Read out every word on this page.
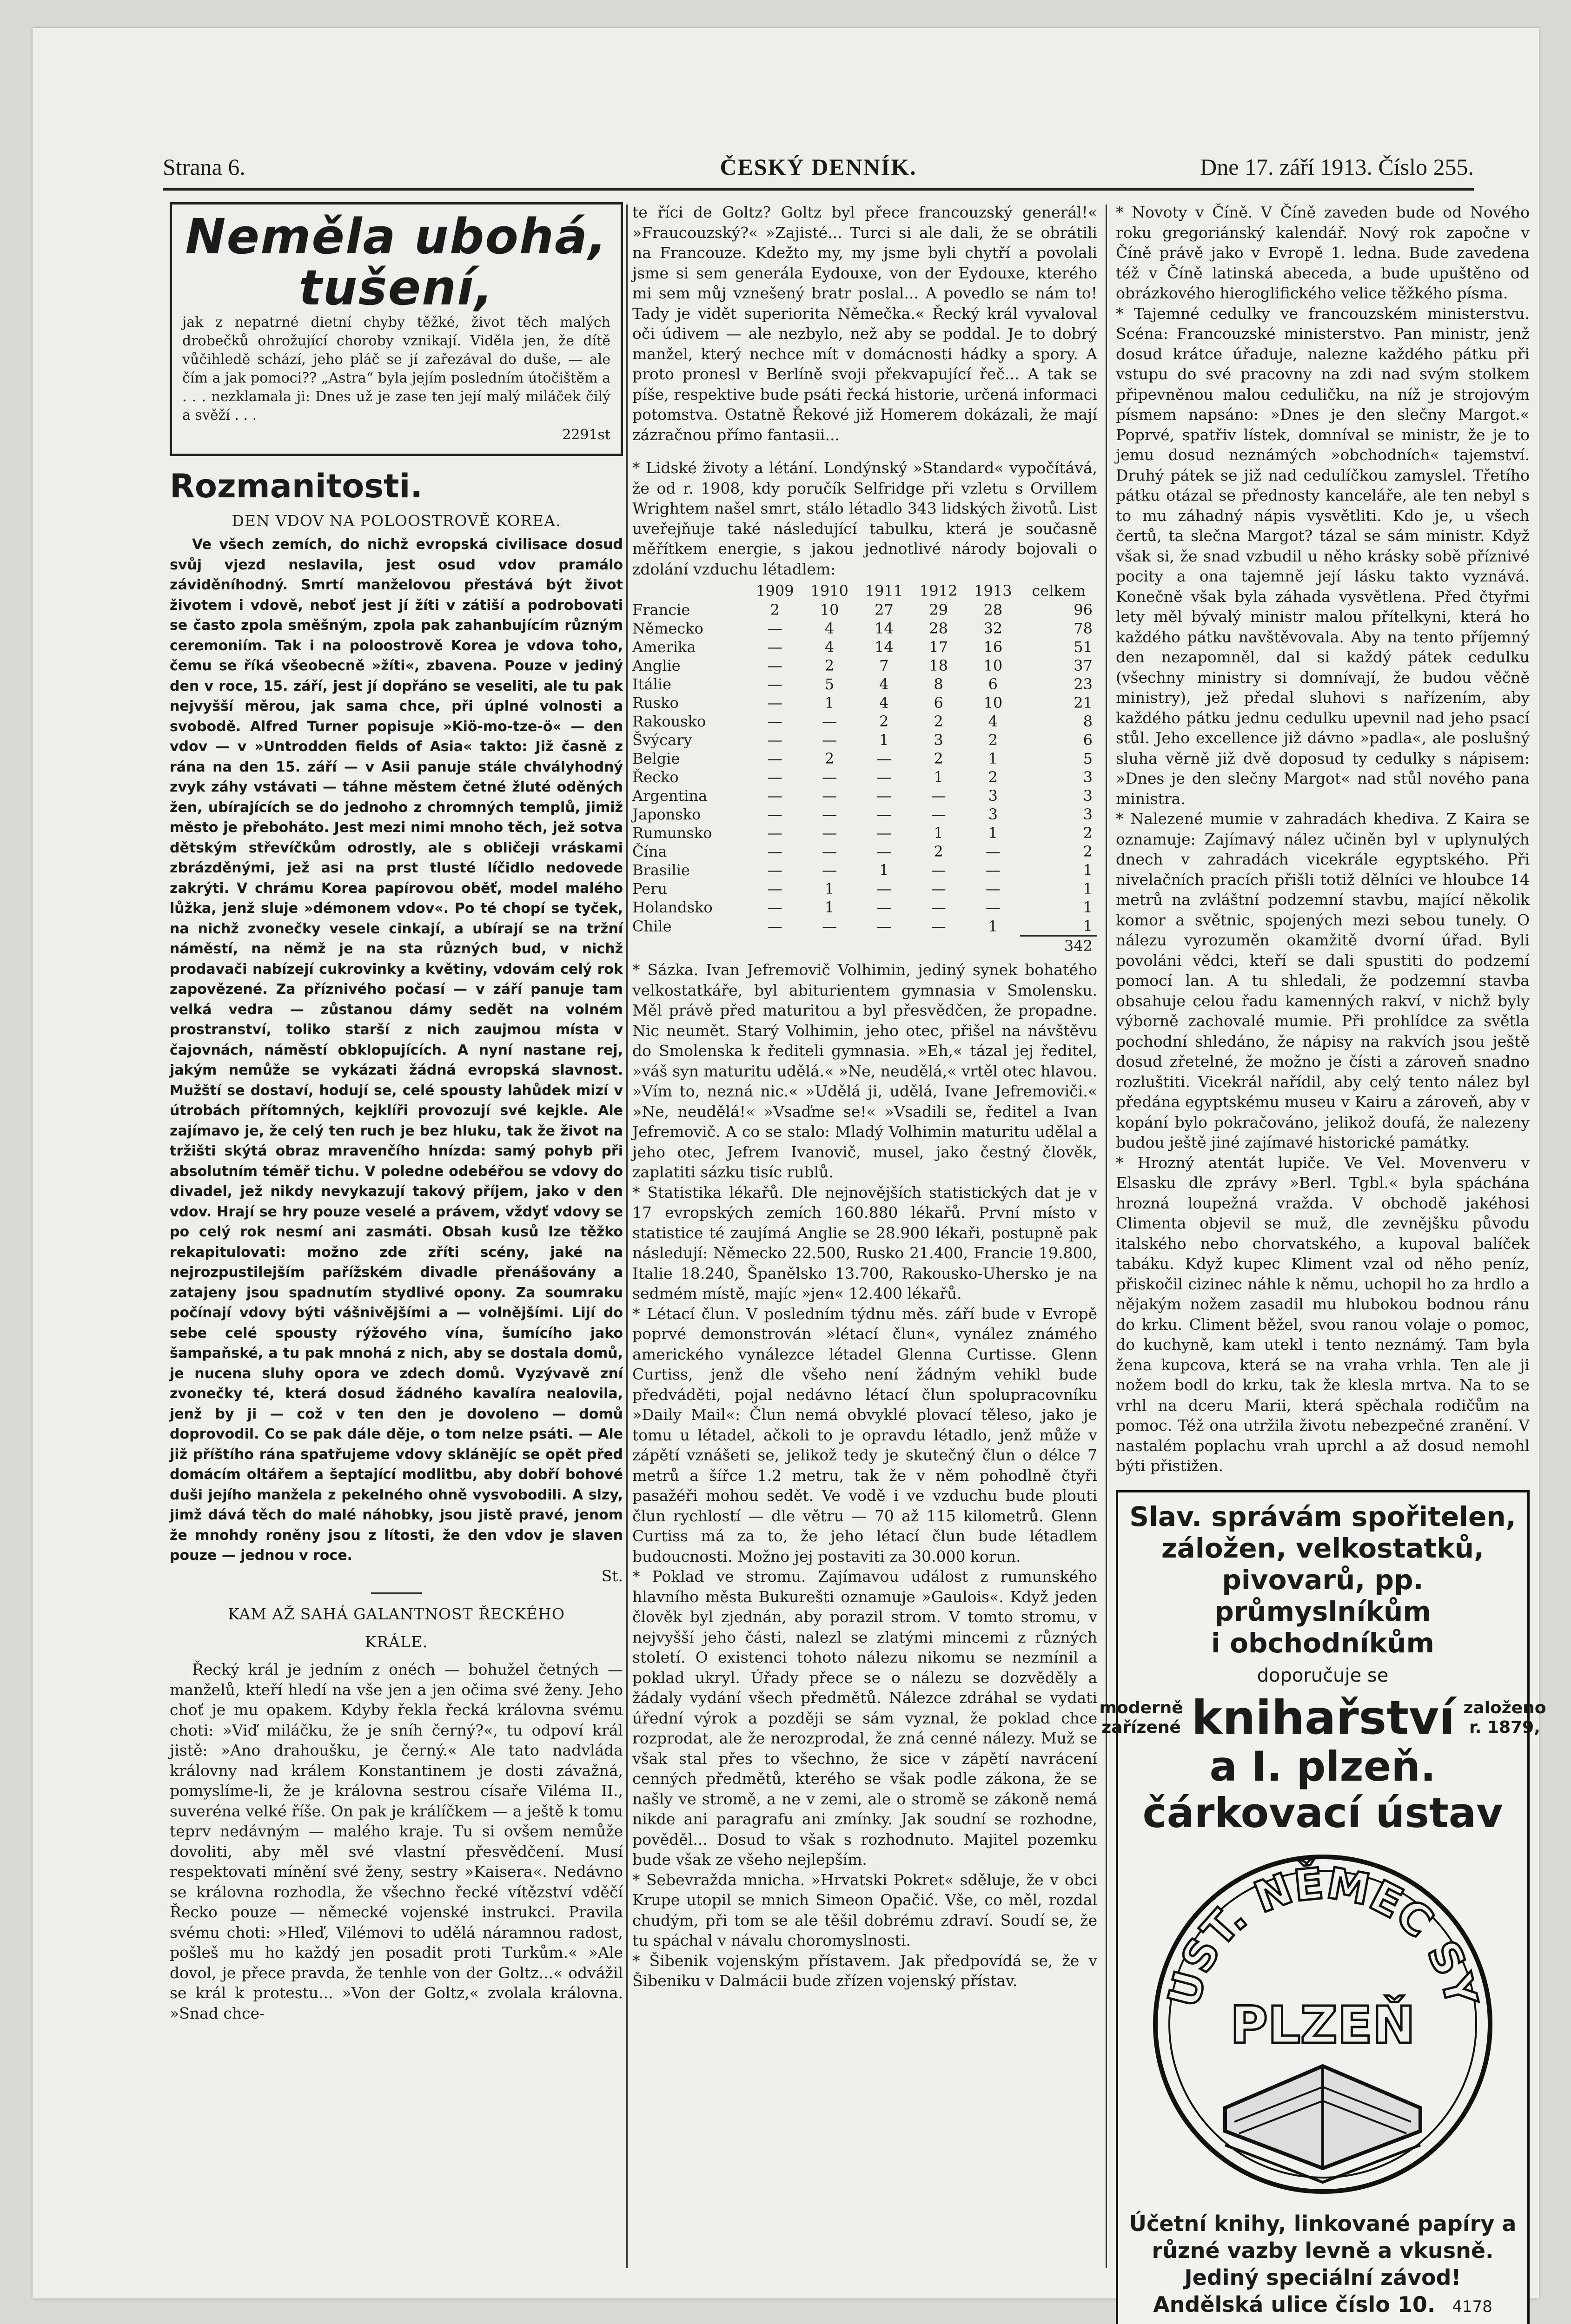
Strana 6.	ČESKÝ DENNÍK.	Dne 17. září 1913. Číslo 255.
Neměla ubohá,
tušení,
jak z nepatrné dietní chyby těžké, život těch malých drobečků ohrožující choroby vznikají. Viděla jen, že dítě vůčihledě schází, jeho pláč se jí zařezával do duše, — ale čím a jak pomoci?? „Astra“ byla jejím posledním útočištěm a . . . nezklamala ji: Dnes už je zase ten její malý miláček čilý a svěží . . .
2291st
Rozmanitosti.

DEN VDOV NA POLOOSTROVĚ KOREA.

Ve všech zemích, do nichž evropská civilisace dosud svůj vjezd neslavila, jest osud vdov pramálo záviděníhodný. Smrtí manželovou přestává být život životem i vdově, neboť jest jí žíti v zátiší a podrobovati se často zpola směšným, zpola pak zahanbujícím různým ceremoniím. Tak i na poloostrově Korea je vdova toho, čemu se říká všeobecně »žíti«, zbavena. Pouze v jediný den v roce, 15. září, jest jí dopřáno se veseliti, ale tu pak nejvyšší měrou, jak sama chce, při úplné volnosti a svobodě. Alfred Turner popisuje »Kiö-mo-tze-ö« — den vdov — v »Untrodden fields of Asia« takto: Již časně z rána na den 15. září — v Asii panuje stále chvályhodný zvyk záhy vstávati — táhne městem četné žluté oděných žen, ubírajících se do jednoho z chromných templů, jimiž město je přeboháto. Jest mezi nimi mnoho těch, jež sotva dětským střevíčkům odrostly, ale s obličeji vráskami zbrázděnými, jež asi na prst tlusté líčidlo nedovede zakrýti. V chrámu Korea papírovou oběť, model malého lůžka, jenž sluje »démonem vdov«. Po té chopí se tyček, na nichž zvonečky vesele cinkají, a ubírají se na tržní náměstí, na němž je na sta různých bud, v nichž prodavači nabízejí cukrovinky a květiny, vdovám celý rok zapovězené. Za příznivého počasí — v září panuje tam velká vedra — zůstanou dámy sedět na volném prostranství, toliko starší z nich zaujmou místa v čajovnách, náměstí obklopujících. A nyní nastane rej, jakým nemůže se vykázati žádná evropská slavnost. Mužští se dostaví, hodují se, celé spousty lahůdek mizí v útrobách přítomných, kejklíři provozují své kejkle. Ale zajímavo je, že celý ten ruch je bez hluku, tak že život na tržišti skýtá obraz mravenčího hnízda: samý pohyb při absolutním téměř tichu. V poledne odebéřou se vdovy do divadel, jež nikdy nevykazují takový příjem, jako v den vdov. Hrají se hry pouze veselé a právem, vždyť vdovy se po celý rok nesmí ani zasmáti. Obsah kusů lze těžko rekapitulovati: možno zde zříti scény, jaké na nejrozpustilejším pařížském divadle přenášovány a zatajeny jsou spadnutím stydlivé opony. Za soumraku počínají vdovy býti vášnivějšími a — volnějšími. Lijí do sebe celé spousty rýžového vína, šumícího jako šampaňské, a tu pak mnohá z nich, aby se dostala domů, je nucena sluhy opora ve zdech domů. Vyzývavě zní zvonečky té, která dosud žádného kavalíra nealovila, jenž by ji — což v ten den je dovoleno — domů doprovodil. Co se pak dále děje, o tom nelze psáti. — Ale již příštího rána spatřujeme vdovy sklánějíc se opět před domácím oltářem a šeptající modlitbu, aby dobří bohové duši jejího manžela z pekelného ohně vysvobodili. A slzy, jimž dává těch do malé náhobky, jsou jistě pravé, jenom že mnohdy roněny jsou z lítosti, že den vdov je slaven pouze — jednou v roce.

St.

KAM AŽ SAHÁ GALANTNOST ŘECKÉHO

KRÁLE.

Řecký král je jedním z onéch — bohužel četných — manželů, kteří hledí na vše jen a jen očima své ženy. Jeho choť je mu opakem. Kdyby řekla řecká královna svému choti: »Viď miláčku, že je sníh černý?«, tu odpoví král jistě: »Ano drahoušku, je černý.« Ale tato nadvláda královny nad králem Konstantinem je dosti závažná, pomyslíme-li, že je královna sestrou císaře Viléma II., suveréna velké říše. On pak je králíčkem — a ještě k tomu teprv nedávným — malého kraje. Tu si ovšem nemůže dovoliti, aby měl své vlastní přesvědčení. Musí respektovati mínění své ženy, sestry »Kaisera«. Nedávno se královna rozhodla, že všechno řecké vítězství vděčí Řecko pouze — německé vojenské instrukci. Pravila svému choti: »Hleď, Vilémovi to udělá náramnou radost, pošleš mu ho každý jen posadit proti Turkům.« »Ale dovol, je přece pravda, že tenhle von der Goltz...« odvážil se král k protestu... »Von der Goltz,« zvolala královna. »Snad chce-

te říci de Goltz? Goltz byl přece francouzský generál!« »Fraucouzský?« »Zajisté... Turci si ale dali, že se obrátili na Francouze. Kdežto my, my jsme byli chytří a povolali jsme si sem generála Eydouxe, von der Eydouxe, kterého mi sem můj vznešený bratr poslal... A povedlo se nám to! Tady je vidět superiorita Němečka.« Řecký král vyvaloval oči údivem — ale nezbylo, než aby se poddal. Je to dobrý manžel, který nechce mít v domácnosti hádky a spory. A proto pronesl v Berlíně svoji překvapující řeč... A tak se píše, respektive bude psáti řecká historie, určená informaci potomstva. Ostatně Řekové již Homerem dokázali, že mají zázračnou přímo fantasii...

* Lidské životy a létání. Londýnský »Standard« vypočítává, že od r. 1908, kdy poručík Selfridge při vzletu s Orvillem Wrightem našel smrt, stálo létadlo 343 lidských životů. List uveřejňuje také následující tabulku, která je současně měřítkem energie, s jakou jednotlivé národy bojovali o zdolání vzduchu létadlem:

	1909	1910	1911	1912	1913	celkem
Francie	2	10	27	29	28	96
Německo	—	4	14	28	32	78
Amerika	—	4	14	17	16	51
Anglie	—	2	7	18	10	37
Itálie	—	5	4	8	6	23
Rusko	—	1	4	6	10	21
Rakousko	—	—	2	2	4	8
Švýcary	—	—	1	3	2	6
Belgie	—	2	—	2	1	5
Řecko	—	—	—	1	2	3
Argentina	—	—	—	—	3	3
Japonsko	—	—	—	—	3	3
Rumunsko	—	—	—	1	1	2
Čína	—	—	—	2	—	2
Brasilie	—	—	1	—	—	1
Peru	—	1	—	—	—	1
Holandsko	—	1	—	—	—	1
Chile	—	—	—	—	1	1
						342

* Sázka. Ivan Jefremovič Volhimin, jediný synek bohatého velkostatkáře, byl abiturientem gymnasia v Smolensku. Měl právě před maturitou a byl přesvědčen, že propadne. Nic neumět. Starý Volhimin, jeho otec, přišel na návštěvu do Smolenska k řediteli gymnasia. »Eh,« tázal jej ředitel, »váš syn maturitu udělá.« »Ne, neudělá,« vrtěl otec hlavou. »Vím to, nezná nic.« »Udělá ji, udělá, Ivane Jefremoviči.« »Ne, neudělá!« »Vsaďme se!« »Vsadili se, ředitel a Ivan Jefremovič. A co se stalo: Mladý Volhimin maturitu udělal a jeho otec, Jefrem Ivanovič, musel, jako čestný člověk, zaplatiti sázku tisíc rublů.

* Statistika lékařů. Dle nejnovějších statistických dat je v 17 evropských zemích 160.880 lékařů. První místo v statistice té zaujímá Anglie se 28.900 lékaři, postupně pak následují: Německo 22.500, Rusko 21.400, Francie 19.800, Italie 18.240, Španělsko 13.700, Rakousko-Uhersko je na sedmém místě, majíc »jen« 12.400 lékařů.

* Létací člun. V posledním týdnu měs. září bude v Evropě poprvé demonstrován »létací člun«, vynález známého amerického vynálezce létadel Glenna Curtisse. Glenn Curtiss, jenž dle všeho není žádným vehikl bude předváděti, pojal nedávno létací člun spolupracovníku »Daily Mail«: Člun nemá obvyklé plovací těleso, jako je tomu u létadel, ačkoli to je opravdu létadlo, jenž může v zápětí vznášeti se, jelikož tedy je skutečný člun o délce 7 metrů a šířce 1.2 metru, tak že v něm pohodlně čtyři pasažéři mohou sedět. Ve vodě i ve vzduchu bude plouti člun rychlostí — dle větru — 70 až 115 kilometrů. Glenn Curtiss má za to, že jeho létací člun bude létadlem budoucnosti. Možno jej postaviti za 30.000 korun.

* Poklad ve stromu. Zajímavou událost z rumunského hlavního města Bukurešti oznamuje »Gaulois«. Když jeden člověk byl zjednán, aby porazil strom. V tomto stromu, v nejvyšší jeho části, nalezl se zlatými mincemi z různých století. O existenci tohoto nálezu nikomu se nezmínil a poklad ukryl. Úřady přece se o nálezu se dozvěděly a žádaly vydání všech předmětů. Nálezce zdráhal se vydati úřední výrok a později se sám vyznal, že poklad chce rozprodat, ale že nerozprodal, že zná cenné nálezy. Muž se však stal přes to všechno, že sice v zápětí navrácení cenných předmětů, kterého se však podle zákona, že se našly ve stromě, a ne v zemi, ale o stromě se zákoně nemá nikde ani paragrafu ani zmínky. Jak soudní se rozhodne, pověděl... Dosud to však s rozhodnuto. Majitel pozemku bude však ze všeho nejlepším.

* Sebevražda mnicha. »Hrvatski Pokret« sděluje, že v obci Krupe utopil se mnich Simeon Opačić. Vše, co měl, rozdal chudým, při tom se ale těšil dobrému zdraví. Soudí se, že tu spáchal v návalu choromyslnosti.

* Šibenik vojenským přístavem. Jak předpovídá se, že v Šibeniku v Dalmácii bude zřízen vojenský přístav.

* Novoty v Číně. V Číně zaveden bude od Nového roku gregoriánský kalendář. Nový rok započne v Číně právě jako v Evropě 1. ledna. Bude zavedena též v Číně latinská abeceda, a bude upuštěno od obrázkového hieroglifického velice těžkého písma.

* Tajemné cedulky ve francouzském ministerstvu. Scéna: Francouzské ministerstvo. Pan ministr, jenž dosud krátce úřaduje, nalezne každého pátku při vstupu do své pracovny na zdi nad svým stolkem připevněnou malou ceduličku, na níž je strojovým písmem napsáno: »Dnes je den slečny Margot.« Poprvé, spatřiv lístek, domníval se ministr, že je to jemu dosud neznámých »obchodních« tajemství. Druhý pátek se již nad cedulíčkou zamyslel. Třetího pátku otázal se přednosty kanceláře, ale ten nebyl s to mu záhadný nápis vysvětliti. Kdo je, u všech čertů, ta slečna Margot? tázal se sám ministr. Když však si, že snad vzbudil u něho krásky sobě příznivé pocity a ona tajemně její lásku takto vyznává. Konečně však byla záhada vysvětlena. Před čtyřmi lety měl bývalý ministr malou přítelkyni, která ho každého pátku navštěvovala. Aby na tento příjemný den nezapomněl, dal si každý pátek cedulku (všechny ministry si domnívají, že budou věčně ministry), jež předal sluhovi s nařízením, aby každého pátku jednu cedulku upevnil nad jeho psací stůl. Jeho excellence již dávno »padla«, ale poslušný sluha věrně již dvě doposud ty cedulky s nápisem: »Dnes je den slečny Margot« nad stůl nového pana ministra.

* Nalezené mumie v zahradách khediva. Z Kaira se oznamuje: Zajímavý nález učiněn byl v uplynulých dnech v zahradách vicekrále egyptského. Při nivelačních pracích přišli totiž dělníci ve hloubce 14 metrů na zvláštní podzemní stavbu, mající několik komor a světnic, spojených mezi sebou tunely. O nálezu vyrozuměn okamžitě dvorní úřad. Byli povoláni vědci, kteří se dali spustiti do podzemí pomocí lan. A tu shledali, že podzemní stavba obsahuje celou řadu kamenných rakví, v nichž byly výborně zachovalé mumie. Při prohlídce za světla pochodní shledáno, že nápisy na rakvích jsou ještě dosud zřetelné, že možno je čísti a zároveň snadno rozluštiti. Vicekrál nařídil, aby celý tento nález byl předána egyptskému museu v Kairu a zároveň, aby v kopání bylo pokračováno, jelikož doufá, že nalezeny budou ještě jiné zajímavé historické památky.

* Hrozný atentát lupiče. Ve Vel. Movenveru v Elsasku dle zprávy »Berl. Tgbl.« byla spáchána hrozná loupežná vražda. V obchodě jakéhosi Climenta objevil se muž, dle zevnějšku původu italského nebo chorvatského, a kupoval balíček tabáku. Když kupec Kliment vzal od něho peníz, přiskočil cizinec náhle k němu, uchopil ho za hrdlo a nějakým nožem zasadil mu hlubokou bodnou ránu do krku. Climent běžel, svou ranou volaje o pomoc, do kuchyně, kam utekl i tento neznámý. Tam byla žena kupcova, která se na vraha vrhla. Ten ale ji nožem bodl do krku, tak že klesla mrtva. Na to se vrhl na dceru Marii, která spěchala rodičům na pomoc. Též ona utržila životu nebezpečné zranění. V nastalém poplachu vrah uprchl a až dosud nemohl býti přistižen.

Slav. správám spořitelen,
záložen, velkostatků, pivovarů, pp. průmyslníkům
i obchodníkům
doporučuje se
moderně
zařízené knihařství založeno
r. 1879,
a I. plzeň. čárkovací ústav
UST. NĚMEC SY
PLZEŇ
Účetní knihy, linkované papíry a
různé vazby levně a vkusně.
Jediný speciální závod!
Andělská ulice číslo 10. 4178
